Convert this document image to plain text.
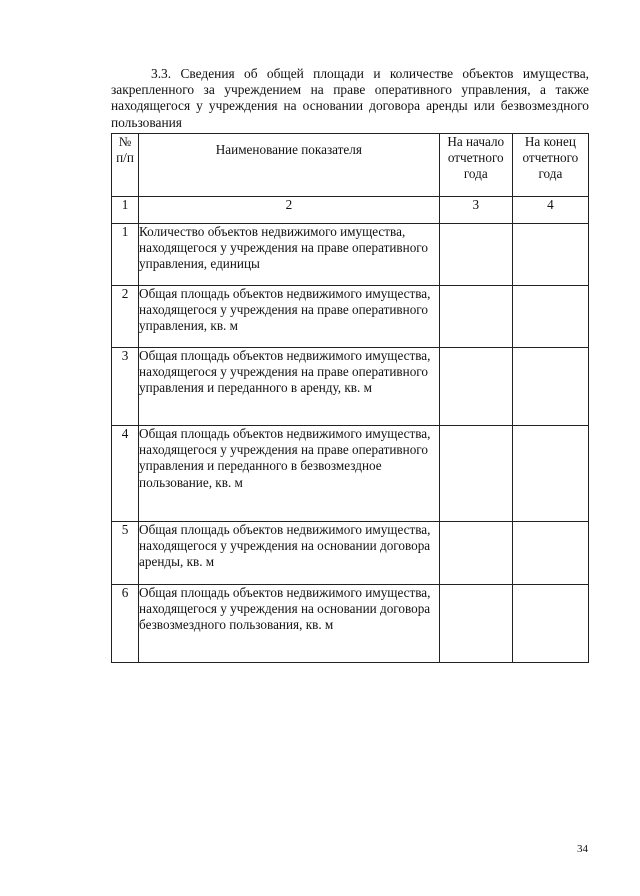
3.3. Сведения об общей площади и количестве объектов имущества, закрепленного за учреждением на праве оперативного управления, а также находящегося у учреждения на основании договора аренды или безвозмездного пользования
№ п/п	Наименование показателя	На начало отчетного года	На конец отчетного года
1	2	3	4
1	Количество объектов недвижимого имущества, находящегося у учреждения на праве оперативного управления, единицы		
2	Общая площадь объектов недвижимого имущества, находящегося у учреждения на праве оперативного управления, кв. м		
3	Общая площадь объектов недвижимого имущества, находящегося у учреждения на праве оперативного управления и переданного в аренду, кв. м		
4	Общая площадь объектов недвижимого имущества, находящегося у учреждения на праве оперативного управления и переданного в безвозмездное пользование, кв. м		
5	Общая площадь объектов недвижимого имущества, находящегося у учреждения на основании договора аренды, кв. м		
6	Общая площадь объектов недвижимого имущества, находящегося у учреждения на основании договора безвозмездного пользования, кв. м		
34
